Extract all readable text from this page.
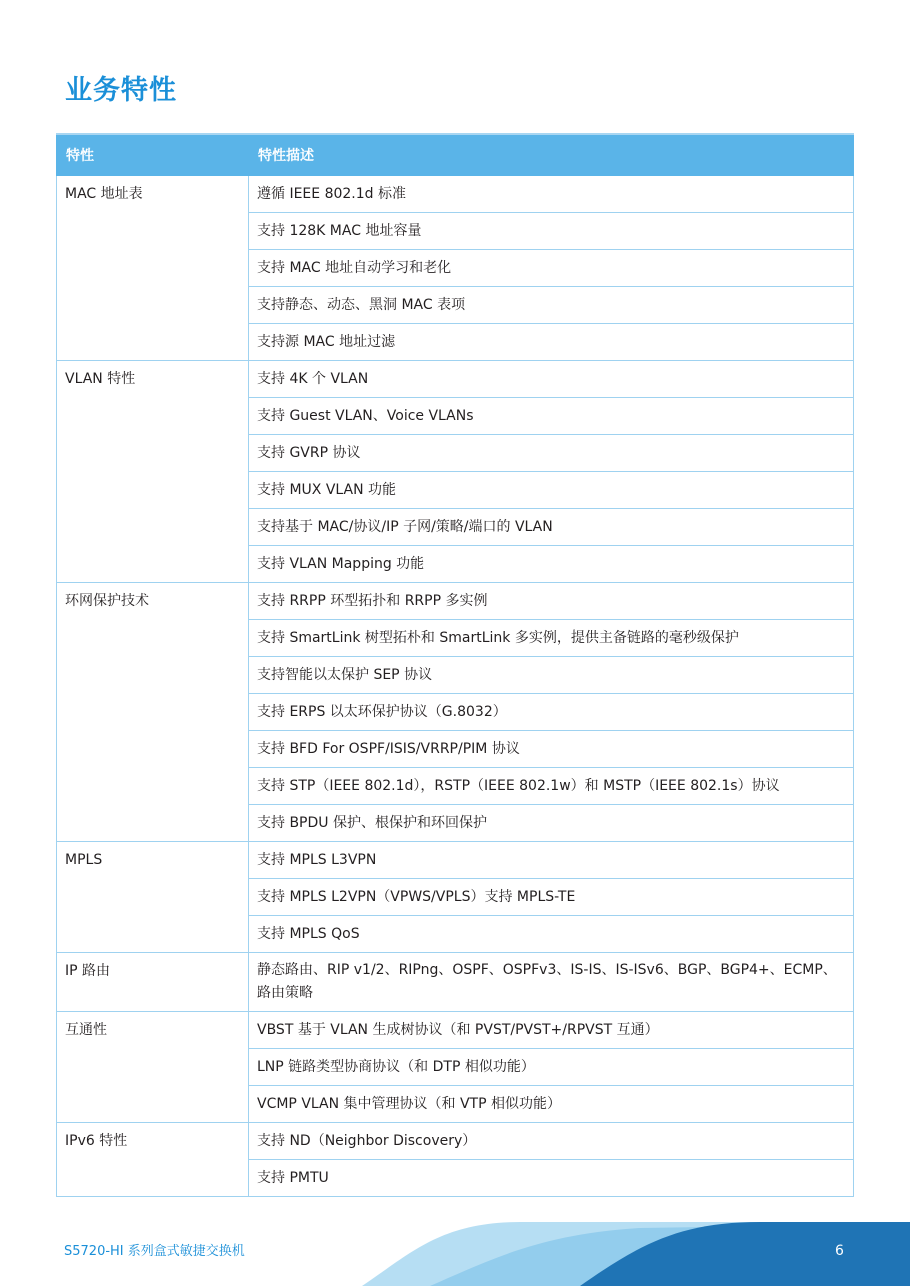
业务特性
特性	特性描述
MAC 地址表	遵循 IEEE 802.1d 标准
	支持 128K MAC 地址容量
	支持 MAC 地址自动学习和老化
	支持静态、动态、黑洞 MAC 表项
	支持源 MAC 地址过滤
VLAN 特性	支持 4K 个 VLAN
	支持 Guest VLAN、Voice VLANs
	支持 GVRP 协议
	支持 MUX VLAN 功能
	支持基于 MAC/协议/IP 子网/策略/端口的 VLAN
	支持 VLAN Mapping 功能
环网保护技术	支持 RRPP 环型拓扑和 RRPP 多实例
	支持 SmartLink 树型拓朴和 SmartLink 多实例，提供主备链路的毫秒级保护
	支持智能以太保护 SEP 协议
	支持 ERPS 以太环保护协议（G.8032）
	支持 BFD For OSPF/ISIS/VRRP/PIM 协议
	支持 STP（IEEE 802.1d），RSTP（IEEE 802.1w）和 MSTP（IEEE 802.1s）协议
	支持 BPDU 保护、根保护和环回保护
MPLS	支持 MPLS L3VPN
	支持 MPLS L2VPN（VPWS/VPLS）支持 MPLS-TE
	支持 MPLS QoS
IP 路由	静态路由、RIP v1/2、RIPng、OSPF、OSPFv3、IS-IS、IS-ISv6、BGP、BGP4+、ECMP、路由策略
互通性	VBST 基于 VLAN 生成树协议（和 PVST/PVST+/RPVST 互通）
	LNP 链路类型协商协议（和 DTP 相似功能）
	VCMP VLAN 集中管理协议（和 VTP 相似功能）
IPv6 特性	支持 ND（Neighbor Discovery）
	支持 PMTU
S5720-HI 系列盒式敏捷交换机	6
